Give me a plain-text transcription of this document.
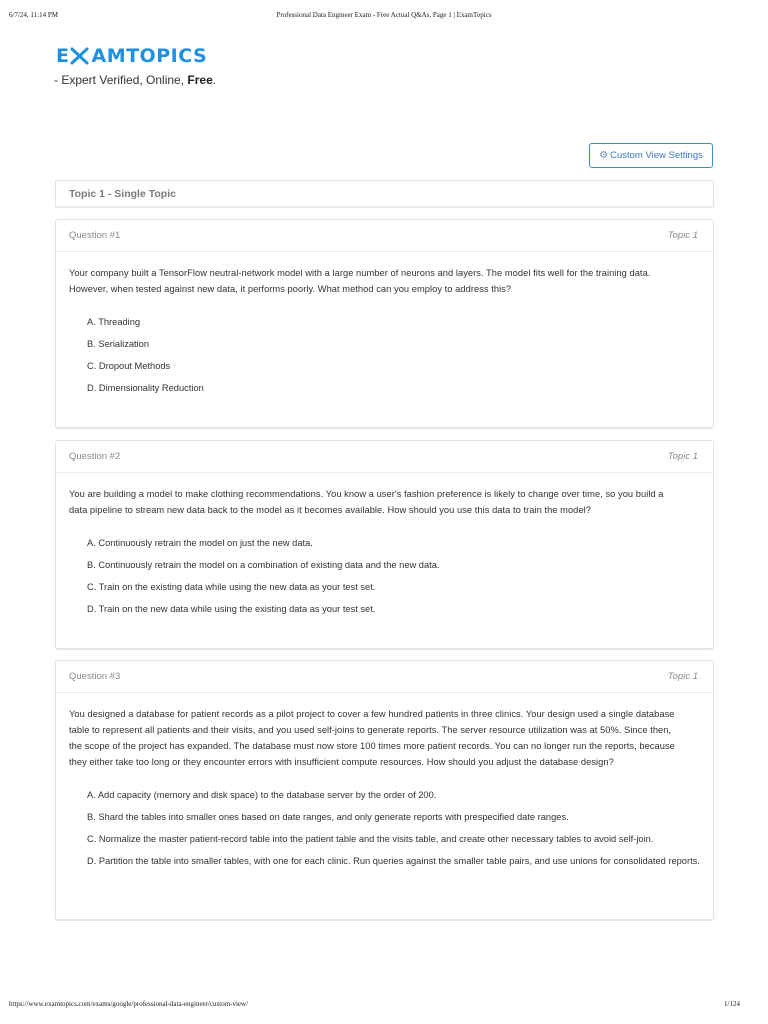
6/7/24, 11:14 PM	Professional Data Engineer Exam - Free Actual Q&As, Page 1 | ExamTopics
E AMTOPICS
- Expert Verified, Online, Free.
⚙ Custom View Settings
Topic 1 - Single Topic
Question #1	Topic 1
Your company built a TensorFlow neutral-network model with a large number of neurons and layers. The model fits well for the training data.
However, when tested against new data, it performs poorly. What method can you employ to address this?
A. Threading
B. Serialization
C. Dropout Methods
D. Dimensionality Reduction
Question #2	Topic 1
You are building a model to make clothing recommendations. You know a user's fashion preference is likely to change over time, so you build a
data pipeline to stream new data back to the model as it becomes available. How should you use this data to train the model?
A. Continuously retrain the model on just the new data.
B. Continuously retrain the model on a combination of existing data and the new data.
C. Train on the existing data while using the new data as your test set.
D. Train on the new data while using the existing data as your test set.
Question #3	Topic 1
You designed a database for patient records as a pilot project to cover a few hundred patients in three clinics. Your design used a single database
table to represent all patients and their visits, and you used self-joins to generate reports. The server resource utilization was at 50%. Since then,
the scope of the project has expanded. The database must now store 100 times more patient records. You can no longer run the reports, because
they either take too long or they encounter errors with insufficient compute resources. How should you adjust the database design?
A. Add capacity (memory and disk space) to the database server by the order of 200.
B. Shard the tables into smaller ones based on date ranges, and only generate reports with prespecified date ranges.
C. Normalize the master patient-record table into the patient table and the visits table, and create other necessary tables to avoid self-join.
D. Partition the table into smaller tables, with one for each clinic. Run queries against the smaller table pairs, and use unions for consolidated reports.
https://www.examtopics.com/exams/google/professional-data-engineer/custom-view/	1/124
